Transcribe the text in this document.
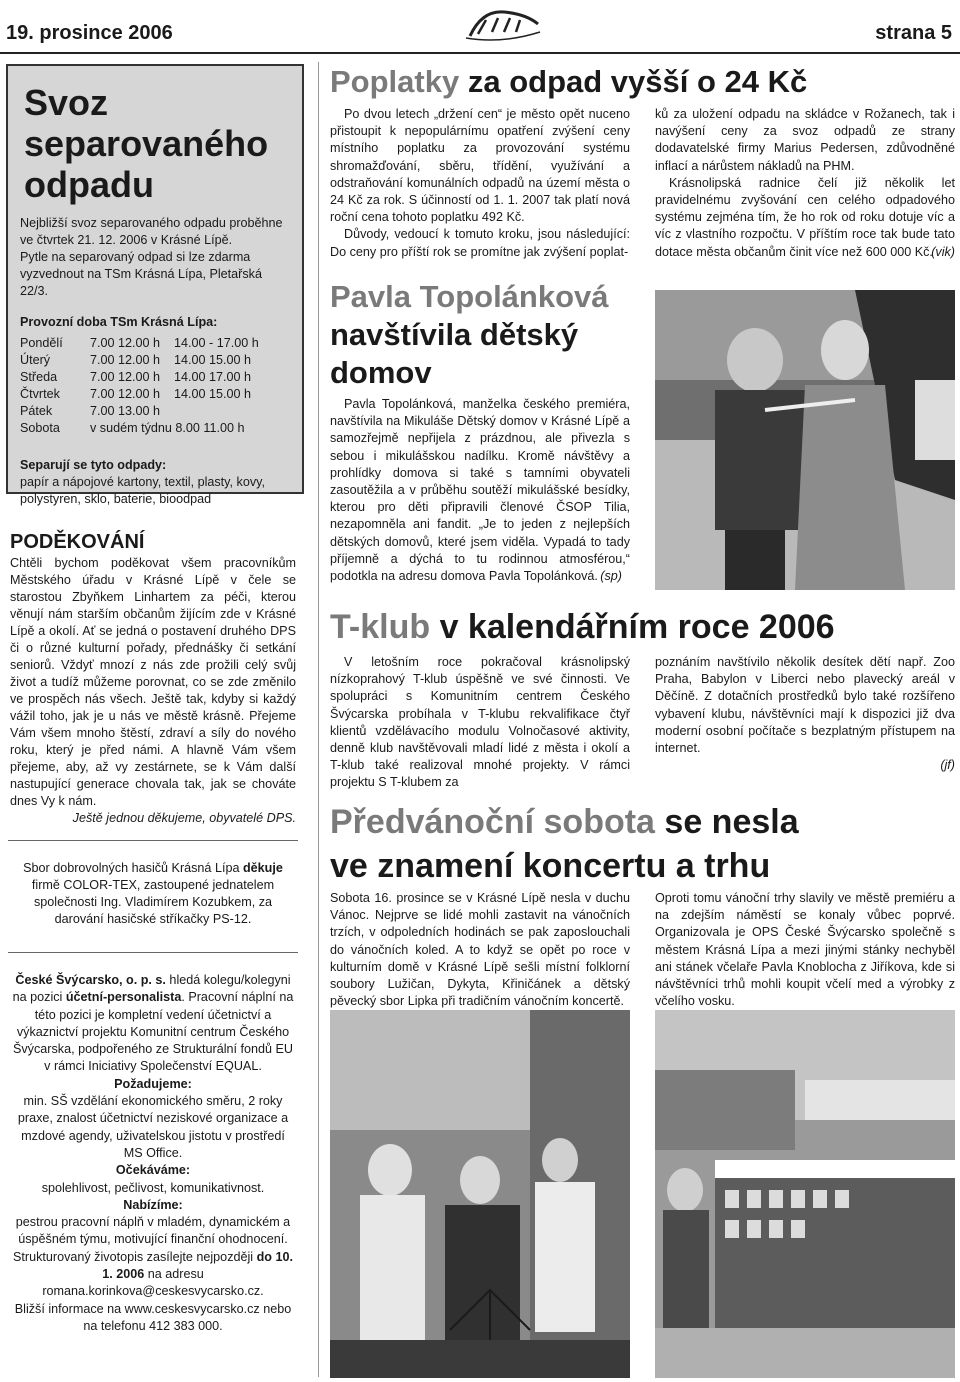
19. prosince 2006	strana 5
Svoz separovaného odpadu

Nejbližší svoz separovaného odpadu proběhne ve čtvrtek 21. 12. 2006 v Krásné Lípě.

Pytle na separovaný odpad si lze zdarma vyzvednout na TSm Krásná Lípa, Pletařská 22/3.

Provozní doba TSm Krásná Lípa:

Pondělí	7.00 12.00 h	14.00 - 17.00 h
Úterý	7.00 12.00 h	14.00 15.00 h
Středa	7.00 12.00 h	14.00 17.00 h
Čtvrtek	7.00 12.00 h	14.00 15.00 h
Pátek	7.00 13.00 h
Sobota	v sudém týdnu 8.00 11.00 h

Separují se tyto odpady:

papír a nápojové kartony, textil, plasty, kovy, polystyren, sklo, baterie, bioodpad

PODĚKOVÁNÍ

Chtěli bychom poděkovat všem pracovníkům Městského úřadu v Krásné Lípě v čele se starostou Zbyňkem Linhartem za péči, kterou věnují nám starším občanům žijícím zde v Krásné Lípě a okolí. Ať se jedná o postavení druhého DPS či o různé kulturní pořady, přednášky či setkání seniorů. Vždyť mnozí z nás zde prožili celý svůj život a tudíž můžeme porovnat, co se zde změnilo ve prospěch nás všech. Ještě tak, kdyby si každý vážil toho, jak je u nás ve městě krásně. Přejeme Vám všem mnoho štěstí, zdraví a síly do nového roku, který je před námi. A hlavně Vám všem přejeme, aby, až vy zestárnete, se k Vám další nastupující generace chovala tak, jak se chováte dnes Vy k nám.

Ještě jednou děkujeme, obyvatelé DPS.

Sbor dobrovolných hasičů Krásná Lípa děkuje firmě COLOR-TEX, zastoupené jednatelem společnosti Ing. Vladimírem Kozubkem, za darování hasičské stříkačky PS-12.

České Švýcarsko, o. p. s. hledá kolegu/kolegyni na pozici účetní-personalista. Pracovní náplní na této pozici je kompletní vedení účetnictví a výkaznictví projektu Komunitní centrum Českého Švýcarska, podpořeného ze Strukturální fondů EU v rámci Iniciativy Společenství EQUAL.

Požadujeme:

min. SŠ vzdělání ekonomického směru, 2 roky praxe, znalost účetnictví neziskové organizace a mzdové agendy, uživatelskou jistotu v prostředí MS Office.

Očekáváme:

spolehlivost, pečlivost, komunikativnost.

Nabízíme:

pestrou pracovní náplň v mladém, dynamickém a úspěšném týmu, motivující finanční ohodnocení.

Strukturovaný životopis zasílejte nejpozději do 10. 1. 2006 na adresu romana.korinkova@ceskesvycarsko.cz.

Bližší informace na www.ceskesvycarsko.cz nebo na telefonu 412 383 000.

Poplatky za odpad vyšší o 24 Kč

Po dvou letech „držení cen“ je město opět nuceno přistoupit k nepopulárnímu opatření zvýšení ceny místního poplatku za provozování systému shromažďování, sběru, třídění, využívání a odstraňování komunálních odpadů na území města o 24 Kč za rok. S účinností od 1. 1. 2007 tak platí nová roční cena tohoto poplatku 492 Kč.

Důvody, vedoucí k tomuto kroku, jsou následující: Do ceny pro příští rok se promítne jak zvýšení poplat-

ků za uložení odpadu na skládce v Rožanech, tak i navýšení ceny za svoz odpadů ze strany dodavatelské firmy Marius Pedersen, zdůvodněné inflací a nárůstem nákladů na PHM.

Krásnolipská radnice čelí již několik let pravidelnému zvyšování cen celého odpadového systému zejména tím, že ho rok od roku dotuje víc a víc z vlastního rozpočtu. V příštím roce tak bude tato dotace města občanům činit více než 600 000 Kč.

(vik)

Pavla Topolánková
navštívila dětský
domov

Pavla Topolánková, manželka českého premiéra, navštívila na Mikuláše Dětský domov v Krásné Lípě a samozřejmě nepřijela z prázdnou, ale přivezla s sebou i mikulášskou nadílku. Kromě návštěvy a prohlídky domova si také s tamními obyvateli zasoutěžila a v průběhu soutěží mikulášské besídky, kterou pro děti připravili členové ČSOP Tilia, nezapomněla ani fandit. „Je to jeden z nejlepších dětských domovů, které jsem viděla. Vypadá to tady příjemně a dýchá to tu rodinnou atmosférou,“ podotkla na adresu domova Pavla Topolánková. (sp)

T-klub v kalendářním roce 2006

V letošním roce pokračoval krásnolipský nízkoprahový T-klub úspěšně ve své činnosti. Ve spolupráci s Komunitním centrem Českého Švýcarska probíhala v T-klubu rekvalifikace čtyř klientů vzdělávacího modulu Volnočasové aktivity, denně klub navštěvovali mladí lidé z města i okolí a T-klub také realizoval mnohé projekty. V rámci projektu S T-klubem za

poznáním navštívilo několik desítek dětí např. Zoo Praha, Babylon v Liberci nebo plavecký areál v Děčíně. Z dotačních prostředků bylo také rozšířeno vybavení klubu, návštěvníci mají k dispozici již dva moderní osobní počítače s bezplatným přístupem na internet.

(jf)

Předvánoční sobota se nesla
ve znamení koncertu a trhu

Sobota 16. prosince se v Krásné Lípě nesla v duchu Vánoc. Nejprve se lidé mohli zastavit na vánočních trzích, v odpoledních hodinách se pak zaposlouchali do vánočních koled. A to když se opět po roce v kulturním domě v Krásné Lípě sešli místní folklorní soubory Lužičan, Dykyta, Křiničánek a dětský pěvecký sbor Lipka při tradičním vánočním koncertě.

Oproti tomu vánoční trhy slavily ve městě premiéru a na zdejším náměstí se konaly vůbec poprvé. Organizovala je OPS České Švýcarsko společně s městem Krásná Lípa a mezi jinými stánky nechyběl ani stánek včelaře Pavla Knoblocha z Jiříkova, kde si návštěvníci trhů mohli koupit včelí med a výrobky z včelího vosku.
